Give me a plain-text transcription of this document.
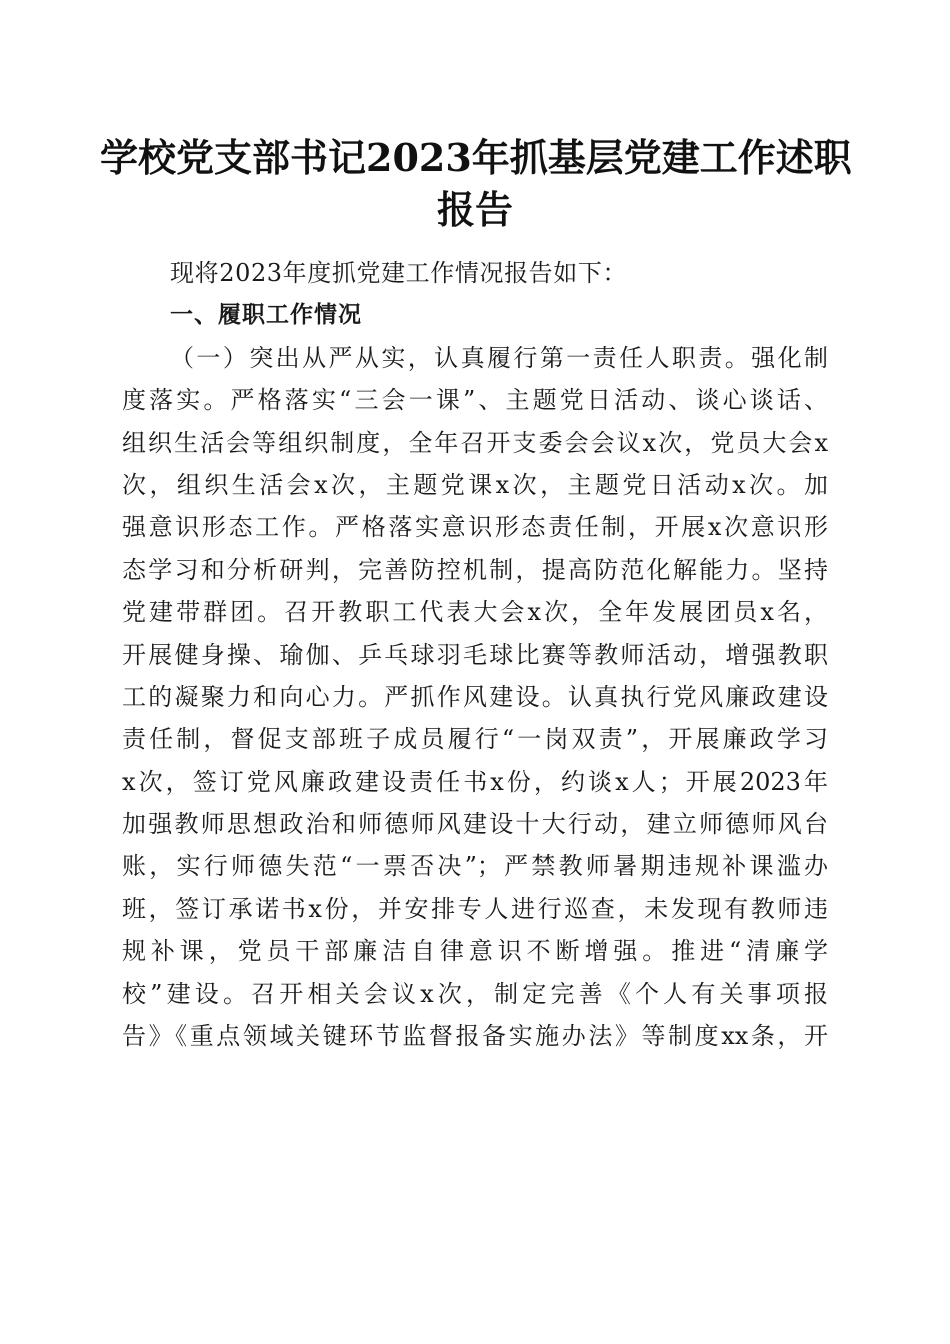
学校党支部书记2023年抓基层党建工作述职
报告
现将2023年度抓党建工作情况报告如下：
一、履职工作情况
（一）突出从严从实，认真履行第一责任人职责。强化制
度落实。严格落实“三会一课”、主题党日活动、谈心谈话、
组织生活会等组织制度，全年召开支委会会议x次，党员大会x
次，组织生活会x次，主题党课x次，主题党日活动x次。加
强意识形态工作。严格落实意识形态责任制，开展x次意识形
态学习和分析研判，完善防控机制，提高防范化解能力。坚持
党建带群团。召开教职工代表大会x次，全年发展团员x名，
开展健身操、瑜伽、乒乓球羽毛球比赛等教师活动，增强教职
工的凝聚力和向心力。严抓作风建设。认真执行党风廉政建设
责任制，督促支部班子成员履行“一岗双责”，开展廉政学习
x次，签订党风廉政建设责任书x份，约谈x人；开展2023年
加强教师思想政治和师德师风建设十大行动，建立师德师风台
账，实行师德失范“一票否决”；严禁教师暑期违规补课滥办
班，签订承诺书x份，并安排专人进行巡查，未发现有教师违
规补课，党员干部廉洁自律意识不断增强。推进“清廉学
校”建设。召开相关会议x次，制定完善《个人有关事项报
告》《重点领域关键环节监督报备实施办法》等制度xx条，开
